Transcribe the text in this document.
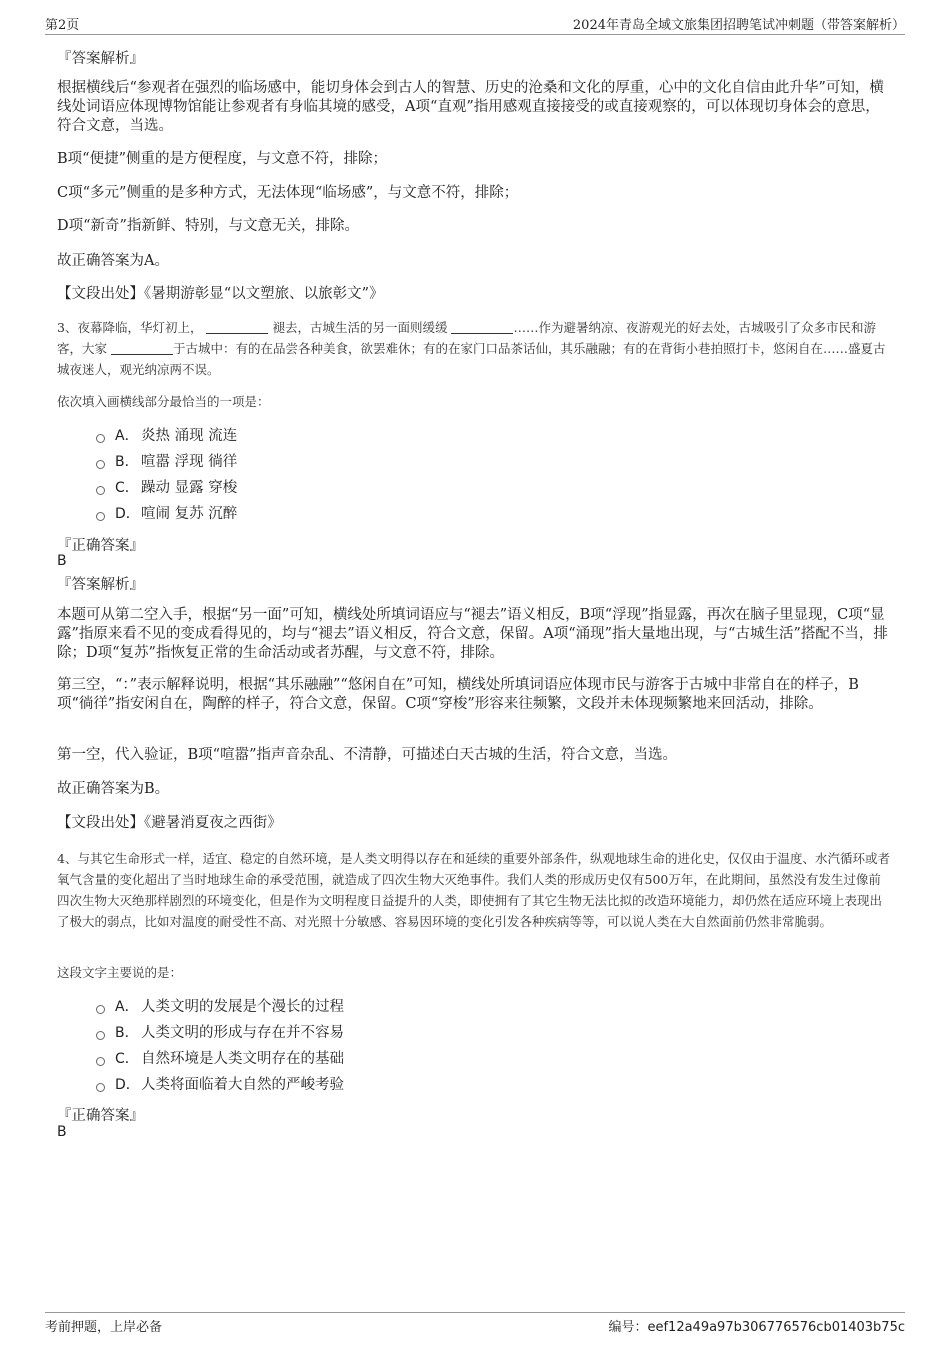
第2页	2024年青岛全域文旅集团招聘笔试冲刺题（带答案解析）
『答案解析』
根据横线后“参观者在强烈的临场感中，能切身体会到古人的智慧、历史的沧桑和文化的厚重，心中的文化自信由此升华”可知，横线处词语应体现博物馆能让参观者有身临其境的感受，A项“直观”指用感观直接接受的或直接观察的，可以体现切身体会的意思，符合文意，当选。
B项“便捷”侧重的是方便程度，与文意不符，排除；
C项“多元”侧重的是多种方式，无法体现“临场感”，与文意不符，排除；
D项“新奇”指新鲜、特别，与文意无关，排除。
故正确答案为A。
【文段出处】《暑期游彰显“以文塑旅、以旅彰文”》
3、夜幕降临，华灯初上，	褪去，古城生活的另一面则缓缓	……作为避暑纳凉、夜游观光的好去处，古城吸引了众多市民和游客，大家	于古城中：有的在品尝各种美食，欲罢难休；有的在家门口品茶话仙，其乐融融；有的在背街小巷拍照打卡，悠闲自在……盛夏古城夜迷人，观光纳凉两不误。
依次填入画横线部分最恰当的一项是：
A． 炎热 涌现 流连
B． 喧嚣 浮现 徜徉
C． 躁动 显露 穿梭
D．喧闹 复苏 沉醉
『正确答案』
B
『答案解析』
本题可从第二空入手，根据“另一面”可知，横线处所填词语应与“褪去”语义相反，B项“浮现”指显露，再次在脑子里显现，C项“显露”指原来看不见的变成看得见的，均与“褪去”语义相反，符合文意，保留。A项“涌现”指大量地出现，与“古城生活”搭配不当，排除；D项“复苏”指恢复正常的生命活动或者苏醒，与文意不符，排除。
第三空，“：”表示解释说明，根据“其乐融融”“悠闲自在”可知，横线处所填词语应体现市民与游客于古城中非常自在的样子，B项“徜徉”指安闲自在，陶醉的样子，符合文意，保留。C项“穿梭”形容来往频繁，文段并未体现频繁地来回活动，排除。
第一空，代入验证，B项“喧嚣”指声音杂乱、不清静，可描述白天古城的生活，符合文意，当选。
故正确答案为B。
【文段出处】《避暑消夏夜之西街》
4、与其它生命形式一样，适宜、稳定的自然环境，是人类文明得以存在和延续的重要外部条件，纵观地球生命的进化史，仅仅由于温度、水汽循环或者氧气含量的变化超出了当时地球生命的承受范围，就造成了四次生物大灭绝事件。我们人类的形成历史仅有500万年，在此期间，虽然没有发生过像前四次生物大灭绝那样剧烈的环境变化，但是作为文明程度日益提升的人类，即使拥有了其它生物无法比拟的改造环境能力，却仍然在适应环境上表现出了极大的弱点，比如对温度的耐受性不高、对光照十分敏感、容易因环境的变化引发各种疾病等等，可以说人类在大自然面前仍然非常脆弱。
这段文字主要说的是：
A． 人类文明的发展是个漫长的过程
B． 人类文明的形成与存在并不容易
C． 自然环境是人类文明存在的基础
D．人类将面临着大自然的严峻考验
『正确答案』
B
考前押题，上岸必备	编号：eef12a49a97b306776576cb01403b75c
